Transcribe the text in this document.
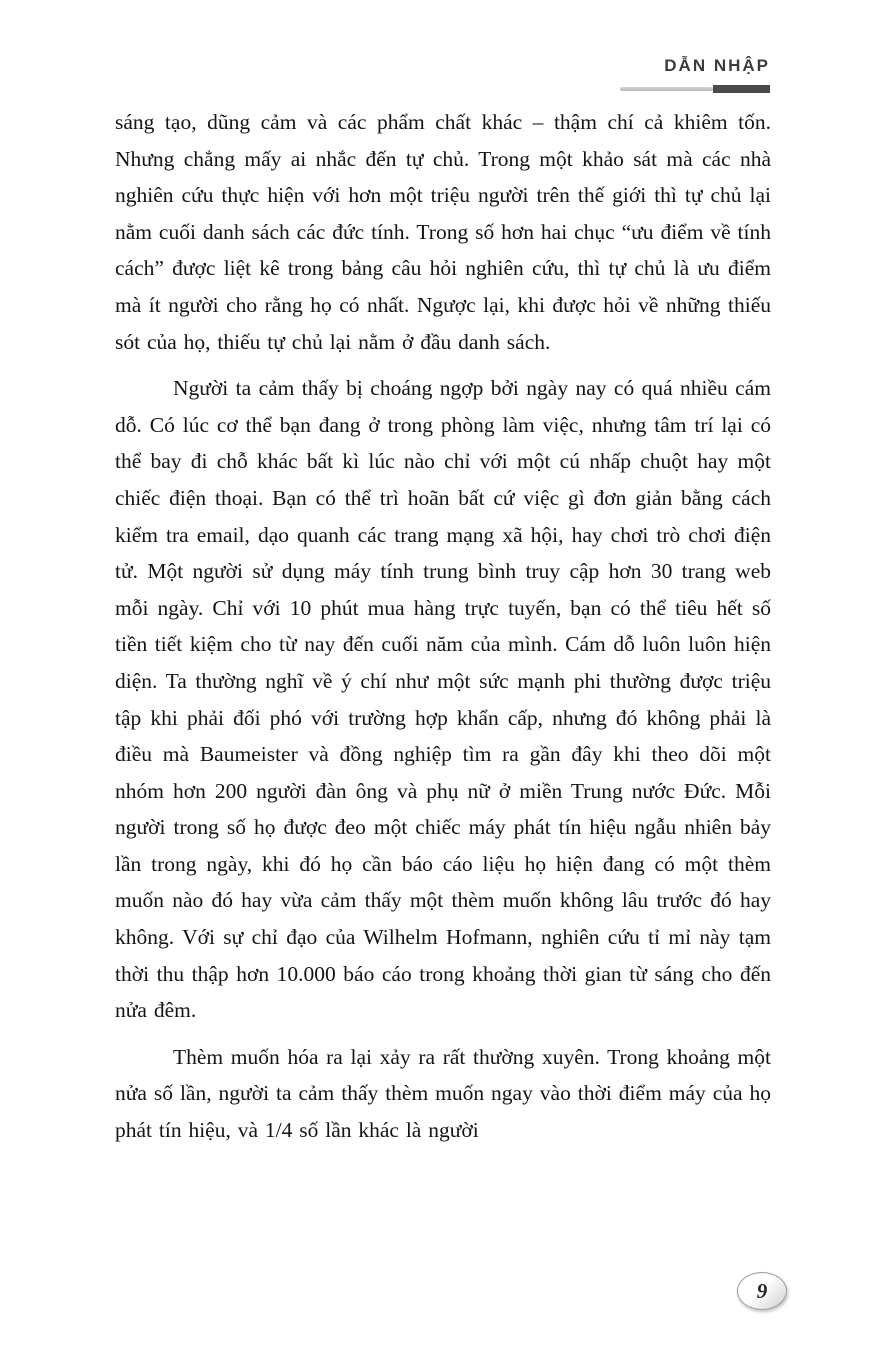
DẪN NHẬP

sáng tạo, dũng cảm và các phẩm chất khác – thậm chí cả khiêm tốn. Nhưng chẳng mấy ai nhắc đến tự chủ. Trong một khảo sát mà các nhà nghiên cứu thực hiện với hơn một triệu người trên thế giới thì tự chủ lại nằm cuối danh sách các đức tính. Trong số hơn hai chục “ưu điểm về tính cách” được liệt kê trong bảng câu hỏi nghiên cứu, thì tự chủ là ưu điểm mà ít người cho rằng họ có nhất. Ngược lại, khi được hỏi về những thiếu sót của họ, thiếu tự chủ lại nằm ở đầu danh sách.

Người ta cảm thấy bị choáng ngợp bởi ngày nay có quá nhiều cám dỗ. Có lúc cơ thể bạn đang ở trong phòng làm việc, nhưng tâm trí lại có thể bay đi chỗ khác bất kì lúc nào chỉ với một cú nhấp chuột hay một chiếc điện thoại. Bạn có thể trì hoãn bất cứ việc gì đơn giản bằng cách kiểm tra email, dạo quanh các trang mạng xã hội, hay chơi trò chơi điện tử. Một người sử dụng máy tính trung bình truy cập hơn 30 trang web mỗi ngày. Chỉ với 10 phút mua hàng trực tuyến, bạn có thể tiêu hết số tiền tiết kiệm cho từ nay đến cuối năm của mình. Cám dỗ luôn luôn hiện diện. Ta thường nghĩ về ý chí như một sức mạnh phi thường được triệu tập khi phải đối phó với trường hợp khẩn cấp, nhưng đó không phải là điều mà Baumeister và đồng nghiệp tìm ra gần đây khi theo dõi một nhóm hơn 200 người đàn ông và phụ nữ ở miền Trung nước Đức. Mỗi người trong số họ được đeo một chiếc máy phát tín hiệu ngẫu nhiên bảy lần trong ngày, khi đó họ cần báo cáo liệu họ hiện đang có một thèm muốn nào đó hay vừa cảm thấy một thèm muốn không lâu trước đó hay không. Với sự chỉ đạo của Wilhelm Hofmann, nghiên cứu tỉ mỉ này tạm thời thu thập hơn 10.000 báo cáo trong khoảng thời gian từ sáng cho đến nửa đêm.

Thèm muốn hóa ra lại xảy ra rất thường xuyên. Trong khoảng một nửa số lần, người ta cảm thấy thèm muốn ngay vào thời điểm máy của họ phát tín hiệu, và 1/4 số lần khác là người

9
